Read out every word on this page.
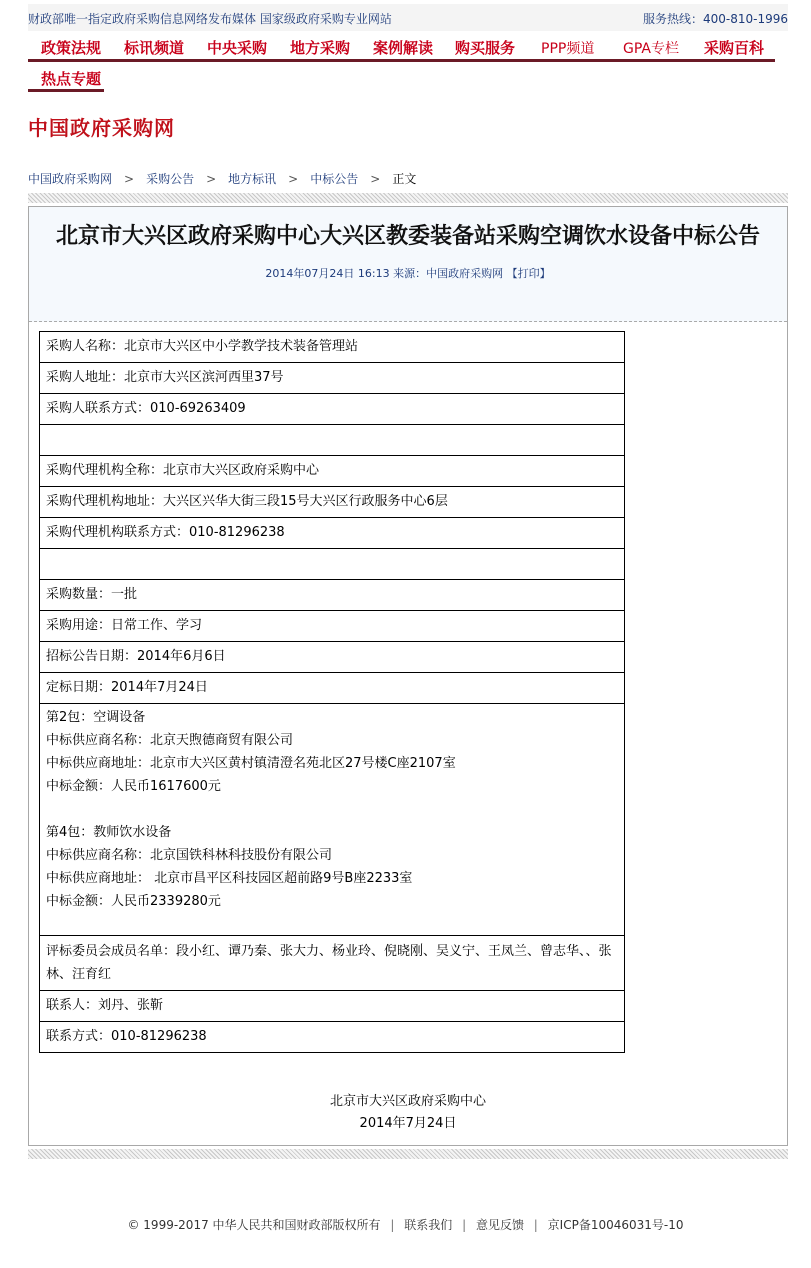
财政部唯一指定政府采购信息网络发布媒体 国家级政府采购专业网站	服务热线：400-810-1996
政策法规 标讯频道 中央采购 地方采购 案例解读 购买服务 PPP频道 GPA专栏 采购百科
热点专题
中国政府采购网
中国政府采购网 > 采购公告 > 地方标讯 > 中标公告 > 正文
北京市大兴区政府采购中心大兴区教委装备站采购空调饮水设备中标公告
2014年07月24日 16:13 来源：中国政府采购网 【打印】
采购人名称：北京市大兴区中小学教学技术装备管理站
采购人地址：北京市大兴区滨河西里37号
采购人联系方式：010-69263409

采购代理机构全称：北京市大兴区政府采购中心
采购代理机构地址：大兴区兴华大街三段15号大兴区行政服务中心6层
采购代理机构联系方式：010-81296238

采购数量：一批
采购用途：日常工作、学习
招标公告日期：2014年6月6日
定标日期：2014年7月24日

第2包：空调设备
中标供应商名称：北京天煦德商贸有限公司
中标供应商地址：北京市大兴区黄村镇清澄名苑北区27号楼C座2107室
中标金额：人民币1617600元
第4包：教师饮水设备
中标供应商名称：北京国铁科林科技股份有限公司
中标供应商地址： 北京市昌平区科技园区超前路9号B座2233室
中标金额：人民币2339280元

评标委员会成员名单：段小红、谭乃秦、张大力、杨业玲、倪晓刚、吴义宁、王凤兰、曾志华、、张林、汪育红
联系人：刘丹、张靳
联系方式：010-81296238
北京市大兴区政府采购中心
2014年7月24日
© 1999-2017 中华人民共和国财政部版权所有 | 联系我们 | 意见反馈 | 京ICP备10046031号-10
